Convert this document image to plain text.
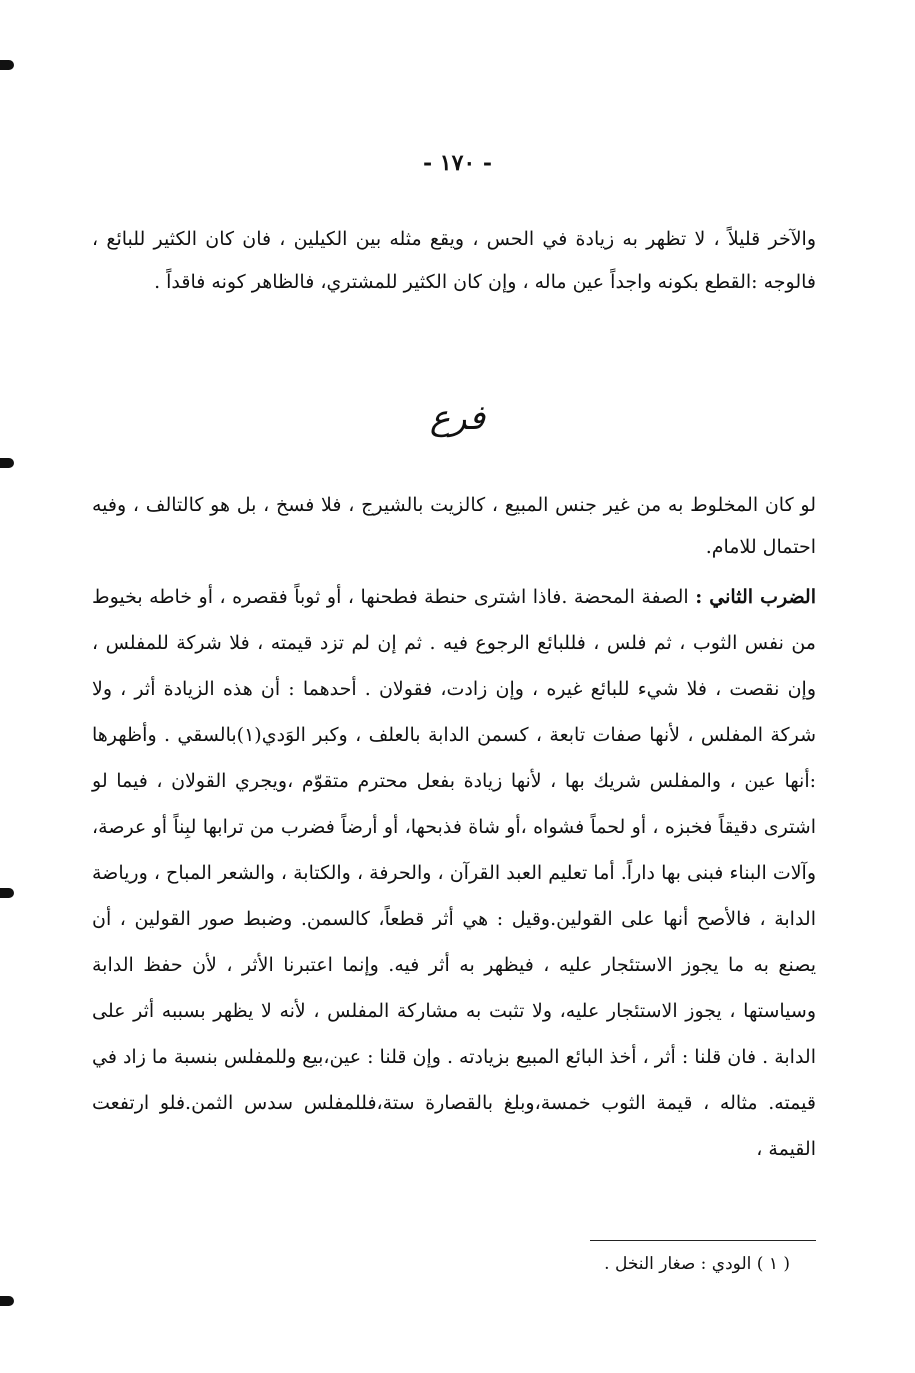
- ١٧٠ -

والآخر قليلاً ، لا تظهر به زيادة في الحس ، ويقع مثله بين الكيلين ، فان كان الكثير للبائع ، فالوجه :القطع بكونه واجداً عين ماله ، وإن كان الكثير للمشتري، فالظاهر كونه فاقداً .

فرع

لو كان المخلوط به من غير جنس المبيع ، كالزيت بالشيرج ، فلا فسخ ، بل هو كالتالف ، وفيه احتمال للامام.

الضرب الثاني : الصفة المحضة .فاذا اشترى حنطة فطحنها ، أو ثوباً فقصره ، أو خاطه بخيوط من نفس الثوب ، ثم فلس ، فللبائع الرجوع فيه . ثم إن لم تزد قيمته ، فلا شركة للمفلس ، وإن نقصت ، فلا شيء للبائع غيره ، وإن زادت، فقولان . أحدهما : أن هذه الزيادة أثر ، ولا شركة المفلس ، لأنها صفات تابعة ، كسمن الدابة بالعلف ، وكبر الوَدي(١)بالسقي . وأظهرها :أنها عين ، والمفلس شريك بها ، لأنها زيادة بفعل محترم متقوّم ،ويجري القولان ، فيما لو اشترى دقيقاً فخبزه ، أو لحماً فشواه ،أو شاة فذبحها، أو أرضاً فضرب من ترابها لبِناً أو عرصة، وآلات البناء فبنى بها داراً. أما تعليم العبد القرآن ، والحرفة ، والكتابة ، والشعر المباح ، ورياضة الدابة ، فالأصح أنها على القولين.وقيل : هي أثر قطعاً، كالسمن. وضبط صور القولين ، أن يصنع به ما يجوز الاستئجار عليه ، فيظهر به أثر فيه. وإنما اعتبرنا الأثر ، لأن حفظ الدابة وسياستها ، يجوز الاستئجار عليه، ولا تثبت به مشاركة المفلس ، لأنه لا يظهر بسببه أثر على الدابة . فان قلنا : أثر ، أخذ البائع المبيع بزيادته . وإن قلنا : عين،بيع وللمفلس بنسبة ما زاد في قيمته. مثاله ، قيمة الثوب خمسة،وبلغ بالقصارة ستة،فللمفلس سدس الثمن.فلو ارتفعت القيمة ،

( ١ ) الودي : صغار النخل .
